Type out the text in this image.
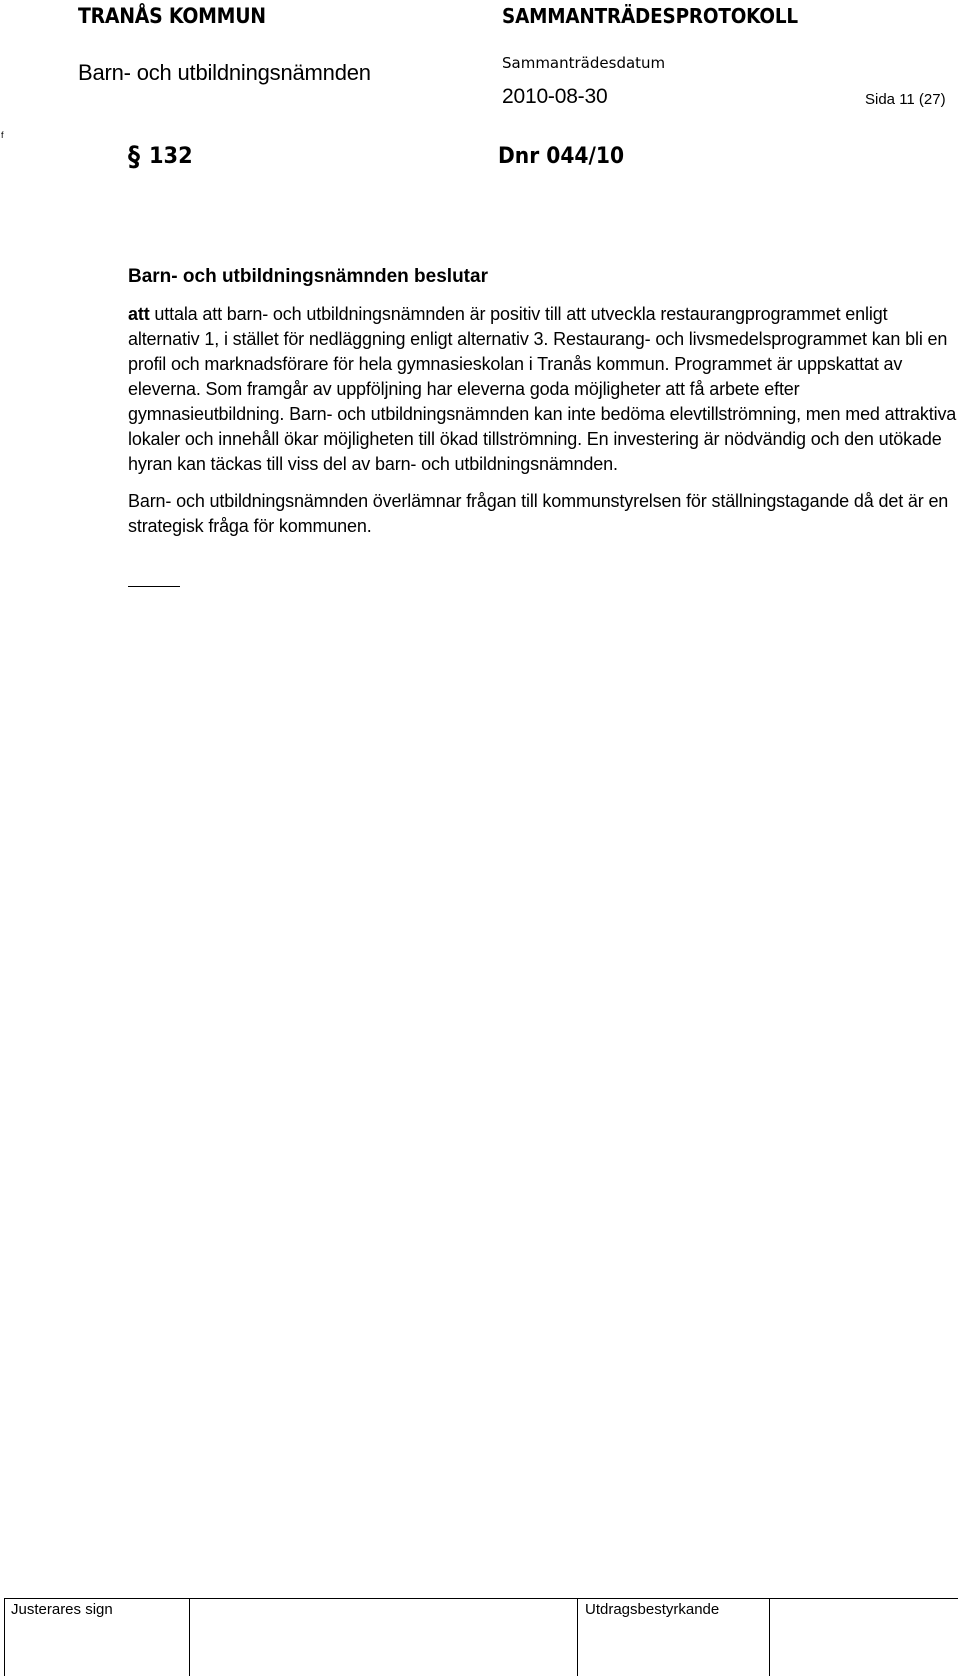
TRANÅS KOMMUN
Barn- och utbildningsnämnden
SAMMANTRÄDESPROTOKOLL
Sammanträdesdatum
2010-08-30	Sida 11 (27)
f
§ 132	Dnr 044/10
Barn- och utbildningsnämnden beslutar

att uttala att barn- och utbildningsnämnden är positiv till att utveckla restaurangprogrammet enligt alternativ 1, i stället för nedläggning enligt alternativ 3. Restaurang- och livsmedelsprogrammet kan bli en profil och marknadsförare för hela gymnasieskolan i Tranås kommun. Programmet är uppskattat av eleverna. Som framgår av uppföljning har eleverna goda möjligheter att få arbete efter gymnasieutbildning. Barn- och utbildningsnämnden kan inte bedöma elevtillströmning, men med attraktiva lokaler och innehåll ökar möjligheten till ökad tillströmning. En investering är nödvändig och den utökade hyran kan täckas till viss del av barn- och utbildningsnämnden.

Barn- och utbildningsnämnden överlämnar frågan till kommunstyrelsen för ställningstagande då det är en strategisk fråga för kommunen.

Justerares sign	Utdragsbestyrkande
